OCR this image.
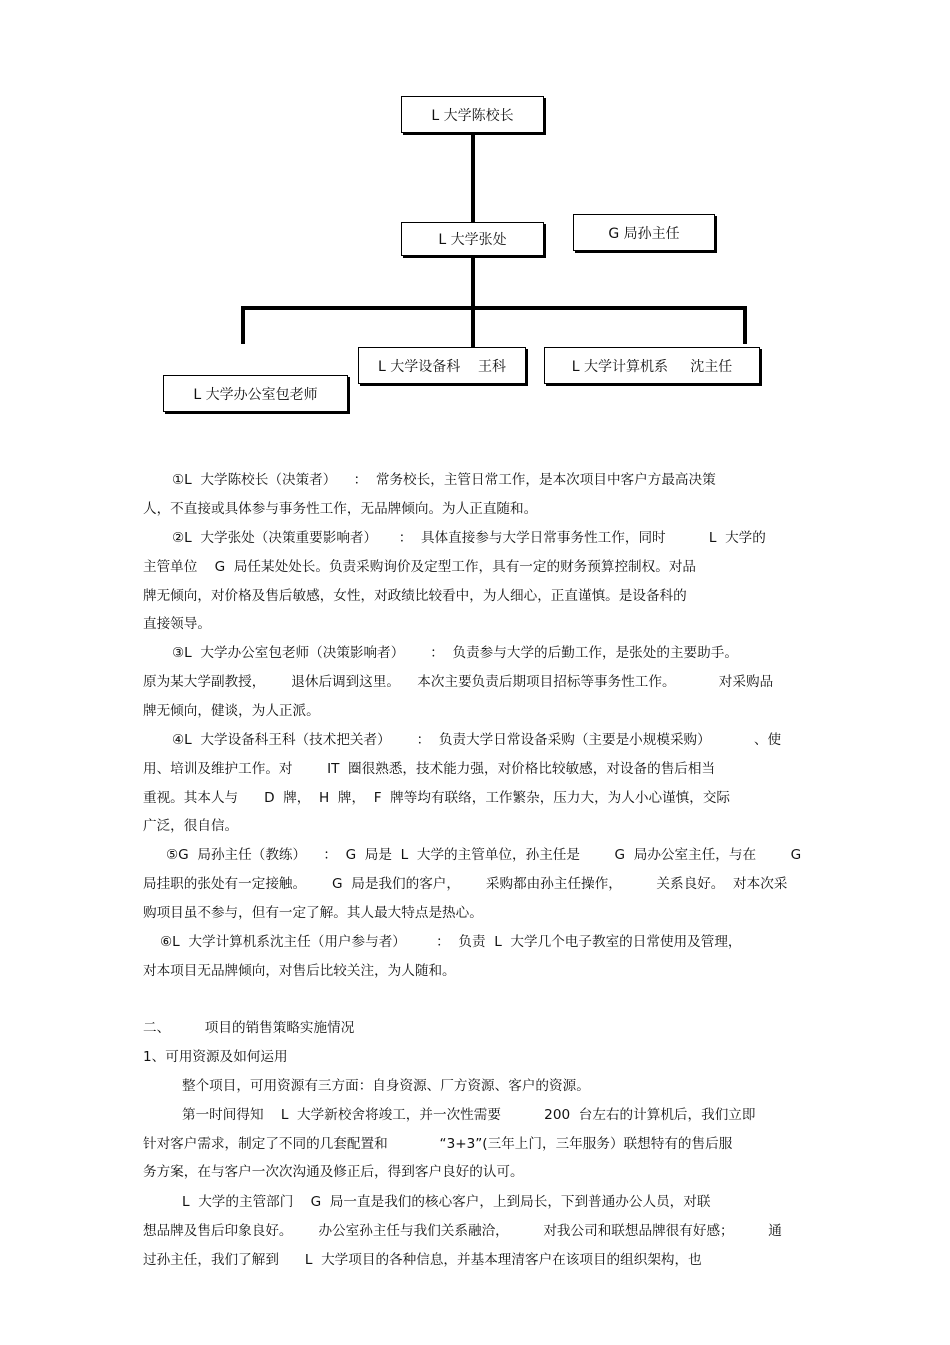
L 大学陈校长
L 大学张处	G 局孙主任
L 大学设备科    王科	L 大学计算机系     沈主任
L 大学办公室包老师
①L  大学陈校长（决策者）    ：  常务校长，主管日常工作，是本次项目中客户方最高决策
人，不直接或具体参与事务性工作，无品牌倾向。为人正直随和。
②L  大学张处（决策重要影响者）     ：  具体直接参与大学日常事务性工作，同时          L  大学的
主管单位    G  局任某处处长。负责采购询价及定型工作，具有一定的财务预算控制权。对品
牌无倾向，对价格及售后敏感，女性，对政绩比较看中，为人细心，正直谨慎。是设备科的
直接领导。
③L  大学办公室包老师（决策影响者）      ：  负责参与大学的后勤工作，是张处的主要助手。
原为某大学副教授，      退休后调到这里。    本次主要负责后期项目招标等事务性工作。          对采购品
牌无倾向，健谈，为人正派。
④L  大学设备科王科（技术把关者）      ：  负责大学日常设备采购（主要是小规模采购）          、使
用、培训及维护工作。对        IT  圈很熟悉，技术能力强，对价格比较敏感，对设备的售后相当
重视。其本人与      D  牌，  H  牌，  F  牌等均有联络，工作繁杂，压力大，为人小心谨慎，交际
广泛，很自信。
⑤G  局孙主任（教练）    ：  G  局是  L  大学的主管单位，孙主任是        G  局办公室主任，与在        G
局挂职的张处有一定接触。      G  局是我们的客户，      采购都由孙主任操作，        关系良好。  对本次采
购项目虽不参与，但有一定了解。其人最大特点是热心。
⑥L  大学计算机系沈主任（用户参与者）       ：  负责  L  大学几个电子教室的日常使用及管理，
对本项目无品牌倾向，对售后比较关注，为人随和。
二、        项目的销售策略实施情况
1、可用资源及如何运用
整个项目，可用资源有三方面：自身资源、厂方资源、客户的资源。
第一时间得知    L  大学新校舍将竣工，并一次性需要          200  台左右的计算机后，我们立即
针对客户需求，制定了不同的几套配置和            “3+3”(三年上门，三年服务）联想特有的售后服
务方案，在与客户一次次沟通及修正后，得到客户良好的认可。
L  大学的主管部门    G  局一直是我们的核心客户，上到局长，下到普通办公人员，对联
想品牌及售后印象良好。      办公室孙主任与我们关系融洽，        对我公司和联想品牌很有好感；        通
过孙主任，我们了解到      L  大学项目的各种信息，并基本理清客户在该项目的组织架构，也
